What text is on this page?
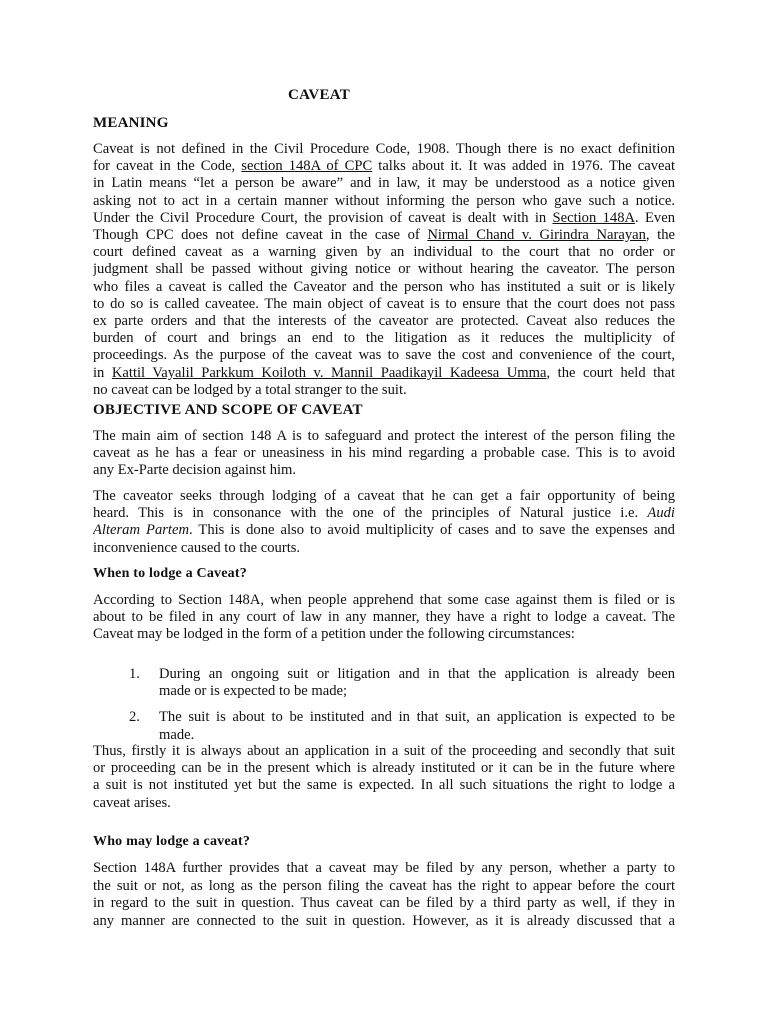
CAVEAT
MEANING
Caveat is not defined in the Civil Procedure Code, 1908. Though there is no exact definition
for caveat in the Code, section 148A of CPC talks about it. It was added in 1976. The caveat
in Latin means “let a person be aware” and in law, it may be understood as a notice given
asking not to act in a certain manner without informing the person who gave such a notice.
Under the Civil Procedure Court, the provision of caveat is dealt with in Section 148A. Even
Though CPC does not define caveat in the case of Nirmal Chand v. Girindra Narayan, the
court defined caveat as a warning given by an individual to the court that no order or
judgment shall be passed without giving notice or without hearing the caveator. The person
who files a caveat is called the Caveator and the person who has instituted a suit or is likely
to do so is called caveatee. The main object of caveat is to ensure that the court does not pass
ex parte orders and that the interests of the caveator are protected. Caveat also reduces the
burden of court and brings an end to the litigation as it reduces the multiplicity of
proceedings. As the purpose of the caveat was to save the cost and convenience of the court,
in Kattil Vayalil Parkkum Koiloth v. Mannil Paadikayil Kadeesa Umma, the court held that
no caveat can be lodged by a total stranger to the suit.
OBJECTIVE AND SCOPE OF CAVEAT
The main aim of section 148 A is to safeguard and protect the interest of the person filing the
caveat as he has a fear or uneasiness in his mind regarding a probable case. This is to avoid
any Ex-Parte decision against him.
The caveator seeks through lodging of a caveat that he can get a fair opportunity of being
heard. This is in consonance with the one of the principles of Natural justice i.e. Audi
Alteram Partem. This is done also to avoid multiplicity of cases and to save the expenses and
inconvenience caused to the courts.
When to lodge a Caveat?
According to Section 148A, when people apprehend that some case against them is filed or is
about to be filed in any court of law in any manner, they have a right to lodge a caveat. The
Caveat may be lodged in the form of a petition under the following circumstances:
1. During an ongoing suit or litigation and in that the application is already been
made or is expected to be made;
2. The suit is about to be instituted and in that suit, an application is expected to be
made.
Thus, firstly it is always about an application in a suit of the proceeding and secondly that suit
or proceeding can be in the present which is already instituted or it can be in the future where
a suit is not instituted yet but the same is expected. In all such situations the right to lodge a
caveat arises.
Who may lodge a caveat?
Section 148A further provides that a caveat may be filed by any person, whether a party to
the suit or not, as long as the person filing the caveat has the right to appear before the court
in regard to the suit in question. Thus caveat can be filed by a third party as well, if they in
any manner are connected to the suit in question. However, as it is already discussed that a
